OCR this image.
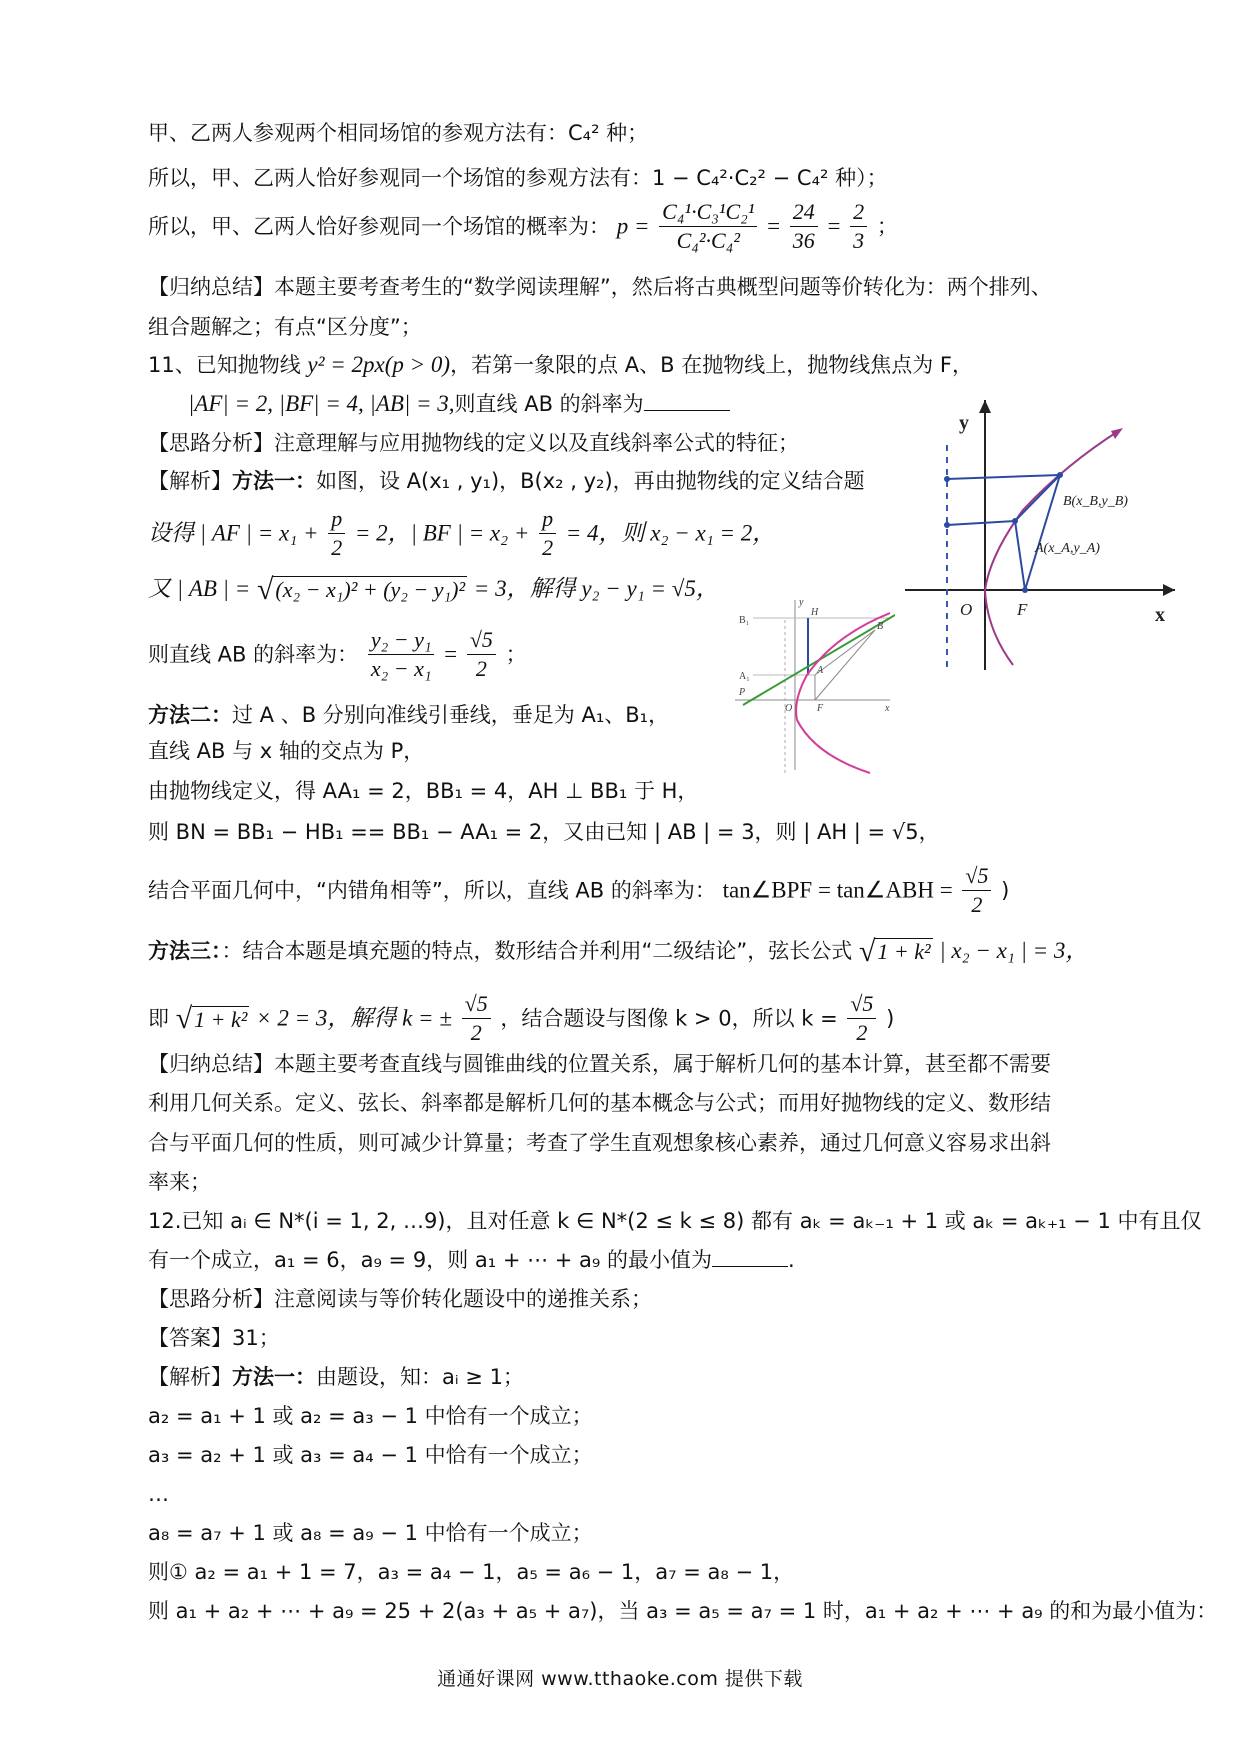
甲、乙两人参观两个相同场馆的参观方法有：C₄² 种；
所以，甲、乙两人恰好参观同一个场馆的参观方法有：1 − C₄²·C₂² − C₄² 种）；
所以，甲、乙两人恰好参观同一个场馆的概率为： $p = \frac{\text{C₄¹·C₃¹C₂¹}}{\text{C₄²·C₄²}} = \frac{24}{36} = \frac{2}{3}$ ；
【归纳总结】本题主要考查考生的“数学阅读理解”，然后将古典概型问题等价转化为：两个排列、
组合题解之；有点“区分度”；
11、已知抛物线 y² = 2px(p > 0)，若第一象限的点 A、B 在抛物线上，抛物线焦点为 F，
|AF| = 2, |BF| = 4, |AB| = 3,则直线 AB 的斜率为
【思路分析】注意理解与应用抛物线的定义以及直线斜率公式的特征；
【解析】方法一：如图，设 A(x₁ , y₁)，B(x₂ , y₂)，再由抛物线的定义结合题
设得 | AF | = $x_1 + \frac{p}{2} = 2$，| BF | = $x_2 + \frac{p}{2} = 4$，则 x₂ − x₁ = 2，
又 | AB | = √(x₂ − x₁)² + (y₂ − y₁)² = 3，解得 y₂ − y₁ = √5，
则直线 AB 的斜率为： $\frac{\text{y₂ − y₁}}{\text{x₂ − x₁}} = \frac{√5}{2}$ ；
方法二：过 A 、B 分别向准线引垂线，垂足为 A₁、B₁，
直线 AB 与 x 轴的交点为 P，
由抛物线定义，得 AA₁ = 2，BB₁ = 4，AH ⊥ BB₁ 于 H，
则 BN = BB₁ − HB₁ == BB₁ − AA₁ = 2，又由已知 | AB | = 3，则 | AH | = √5，
结合平面几何中，“内错角相等”，所以，直线 AB 的斜率为： tan∠BPF = tan∠ABH = $\frac{√5}{2}$ )
方法三：：结合本题是填充题的特点，数形结合并利用“二级结论”，弦长公式 √1 + k² | x₂ − x₁ | = 3，
即 √1 + k² × 2 = 3，解得 k = ± $\frac{√5}{2}$ ，结合题设与图像 k > 0，所以 $k = \frac{√5}{2}$ )
【归纳总结】本题主要考查直线与圆锥曲线的位置关系，属于解析几何的基本计算，甚至都不需要
利用几何关系。定义、弦长、斜率都是解析几何的基本概念与公式；而用好抛物线的定义、数形结
合与平面几何的性质，则可减少计算量；考查了学生直观想象核心素养，通过几何意义容易求出斜
率来；
12.已知 aᵢ ∈ N*(i = 1, 2, …9)，且对任意 k ∈ N*(2 ≤ k ≤ 8) 都有 aₖ = aₖ₋₁ + 1 或 aₖ = aₖ₊₁ − 1 中有且仅
有一个成立，a₁ = 6，a₉ = 9，则 a₁ + ⋯ + a₉ 的最小值为	.
【思路分析】注意阅读与等价转化题设中的递推关系；
【答案】31；
【解析】方法一：由题设，知：aᵢ ≥ 1；
a₂ = a₁ + 1 或 a₂ = a₃ − 1 中恰有一个成立；
a₃ = a₂ + 1 或 a₃ = a₄ − 1 中恰有一个成立；
…
a₈ = a₇ + 1 或 a₈ = a₉ − 1 中恰有一个成立；
则① a₂ = a₁ + 1 = 7，a₃ = a₄ − 1，a₅ = a₆ − 1，a₇ = a₈ − 1，
则 a₁ + a₂ + ⋯ + a₉ = 25 + 2(a₃ + a₅ + a₇)，当 a₃ = a₅ = a₇ = 1 时，a₁ + a₂ + ⋯ + a₉ 的和为最小值为：
y
x
O	F
B(x_B,y_B)
A(x_A,y_A)
B₁
H
B
A₁
A
P
O F	x
y
通通好课网 www.tthaoke.com 提供下载
